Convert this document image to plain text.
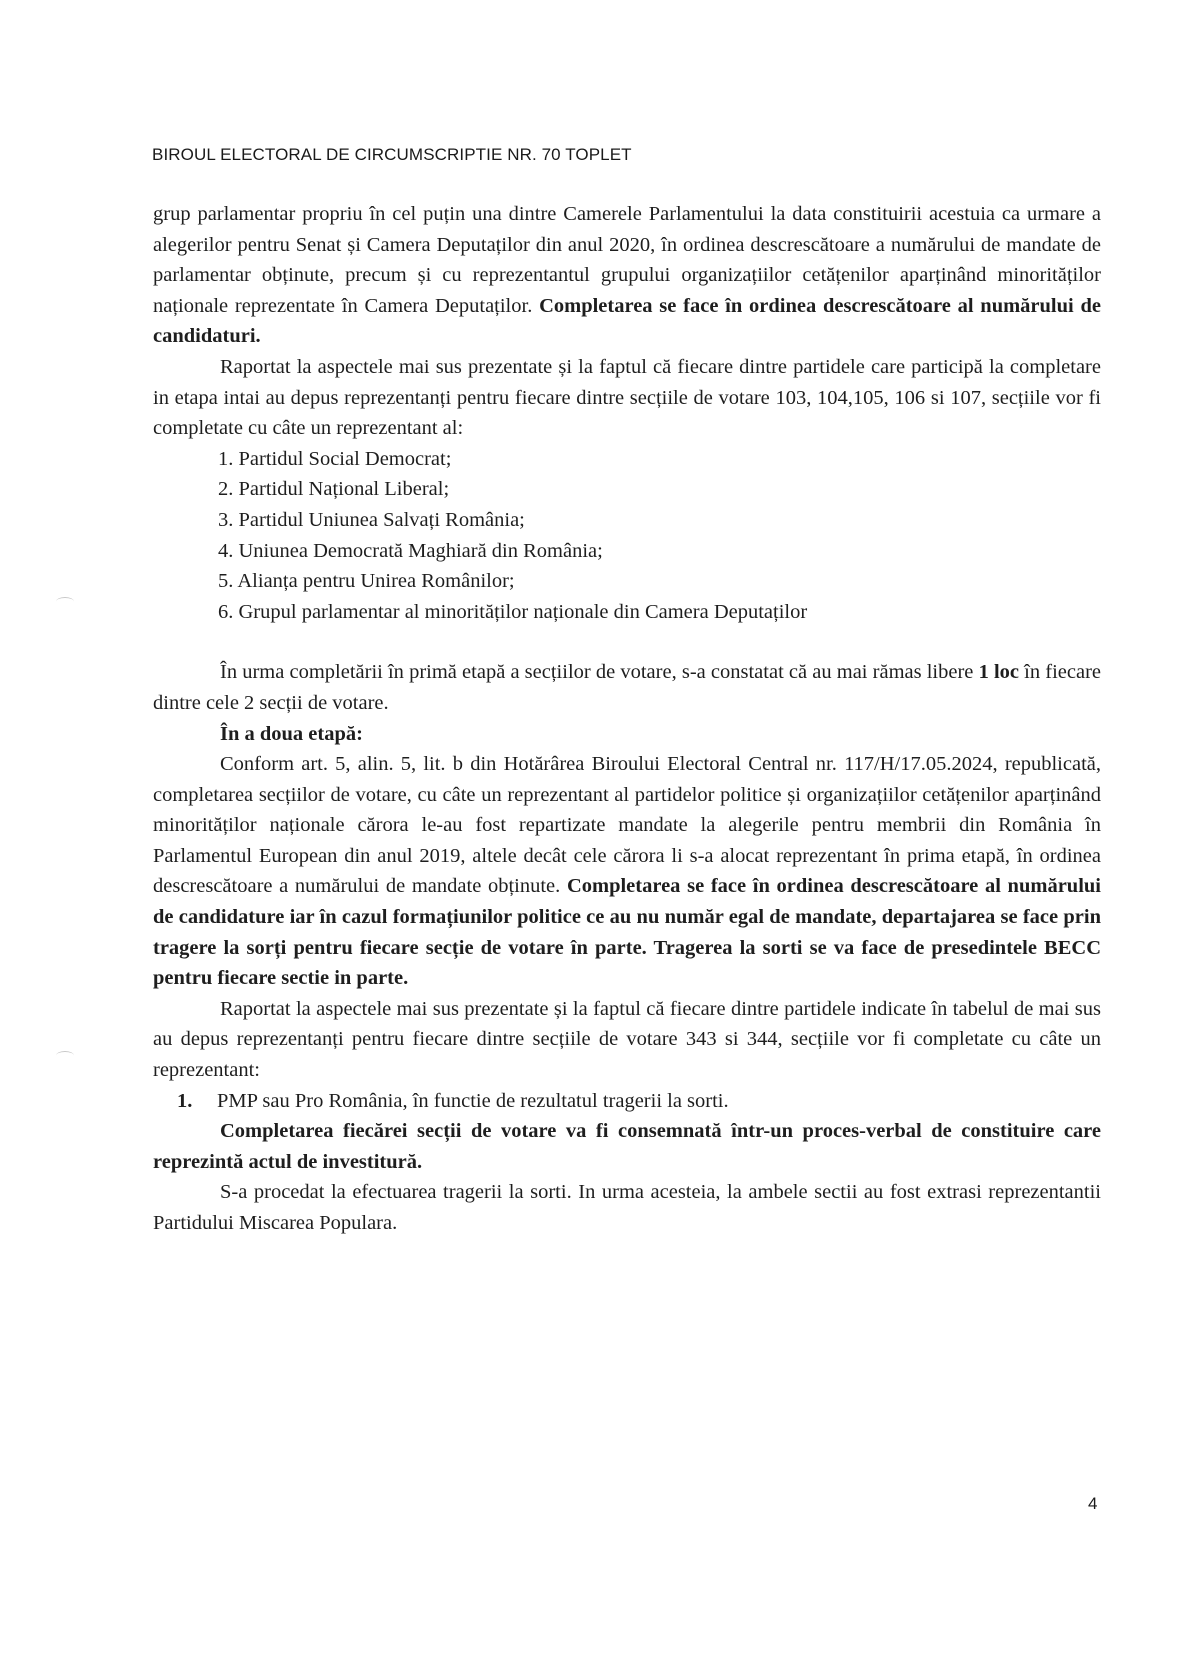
BIROUL ELECTORAL DE CIRCUMSCRIPTIE NR. 70 TOPLET

grup parlamentar propriu în cel puțin una dintre Camerele Parlamentului la data constituirii acestuia ca urmare a alegerilor pentru Senat și Camera Deputaților din anul 2020, în ordinea descrescătoare a numărului de mandate de parlamentar obținute, precum și cu reprezentantul grupului organizațiilor cetățenilor aparținând minorităților naționale reprezentate în Camera Deputaților. Completarea se face în ordinea descrescătoare al numărului de candidaturi.

Raportat la aspectele mai sus prezentate și la faptul că fiecare dintre partidele care participă la completare in etapa intai au depus reprezentanți pentru fiecare dintre secțiile de votare 103, 104,105, 106 si 107, secțiile vor fi completate cu câte un reprezentant al:

1. Partidul Social Democrat;

2. Partidul Național Liberal;

3. Partidul Uniunea Salvați România;

4. Uniunea Democrată Maghiară din România;

5. Alianța pentru Unirea Românilor;

6. Grupul parlamentar al minorităților naționale din Camera Deputaților

În urma completării în primă etapă a secțiilor de votare, s-a constatat că au mai rămas libere 1 loc în fiecare dintre cele 2 secții de votare.

În a doua etapă:

Conform art. 5, alin. 5, lit. b din Hotărârea Biroului Electoral Central nr. 117/H/17.05.2024, republicată, completarea secțiilor de votare, cu câte un reprezentant al partidelor politice și organizațiilor cetățenilor aparținând minorităților naționale cărora le-au fost repartizate mandate la alegerile pentru membrii din România în Parlamentul European din anul 2019, altele decât cele cărora li s-a alocat reprezentant în prima etapă, în ordinea descrescătoare a numărului de mandate obținute. Completarea se face în ordinea descrescătoare al numărului de candidature iar în cazul formațiunilor politice ce au nu număr egal de mandate, departajarea se face prin tragere la sorți pentru fiecare secție de votare în parte. Tragerea la sorti se va face de presedintele BECC pentru fiecare sectie in parte.

Raportat la aspectele mai sus prezentate și la faptul că fiecare dintre partidele indicate în tabelul de mai sus au depus reprezentanți pentru fiecare dintre secțiile de votare 343 si 344, secțiile vor fi completate cu câte un reprezentant:

1. PMP sau Pro România, în functie de rezultatul tragerii la sorti.

Completarea fiecărei secții de votare va fi consemnată într-un proces-verbal de constituire care reprezintă actul de investitură.

S-a procedat la efectuarea tragerii la sorti. In urma acesteia, la ambele sectii au fost extrasi reprezentantii Partidului Miscarea Populara.

4
